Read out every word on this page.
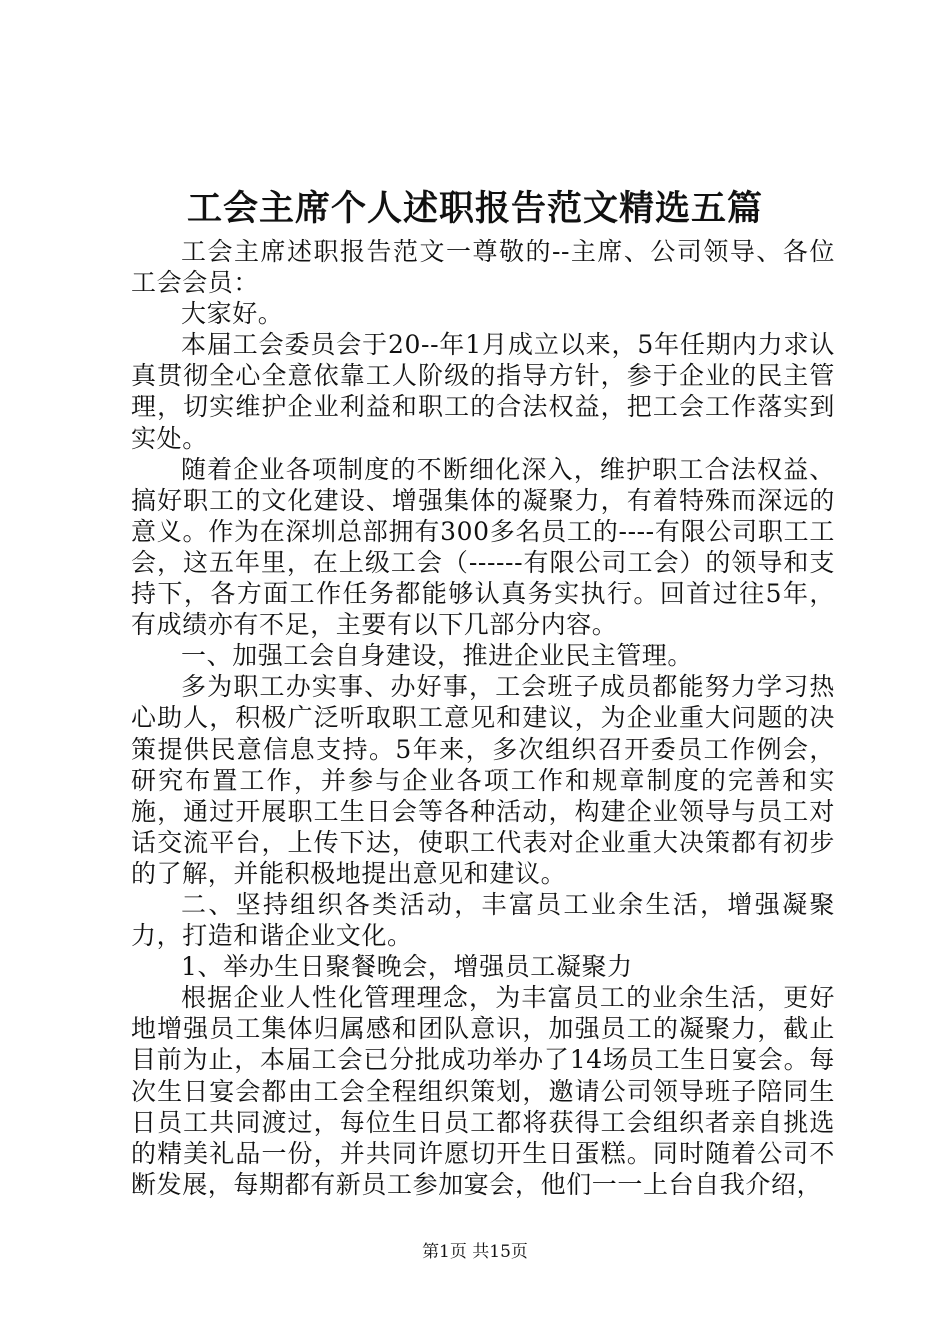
工会主席个人述职报告范文精选五篇

工会主席述职报告范文一尊敬的--主席、公司领导、各位工会会员：

大家好。

本届工会委员会于20--年1月成立以来，5年任期内力求认真贯彻全心全意依靠工人阶级的指导方针，参于企业的民主管理，切实维护企业利益和职工的合法权益，把工会工作落实到实处。

随着企业各项制度的不断细化深入，维护职工合法权益、搞好职工的文化建设、增强集体的凝聚力，有着特殊而深远的意义。作为在深圳总部拥有300多名员工的----有限公司职工工会，这五年里，在上级工会（------有限公司工会）的领导和支持下，各方面工作任务都能够认真务实执行。回首过往5年，有成绩亦有不足，主要有以下几部分内容。

一、加强工会自身建设，推进企业民主管理。

多为职工办实事、办好事，工会班子成员都能努力学习热心助人，积极广泛听取职工意见和建议，为企业重大问题的决策提供民意信息支持。5年来，多次组织召开委员工作例会，研究布置工作，并参与企业各项工作和规章制度的完善和实施，通过开展职工生日会等各种活动，构建企业领导与员工对话交流平台，上传下达，使职工代表对企业重大决策都有初步的了解，并能积极地提出意见和建议。

二、坚持组织各类活动，丰富员工业余生活，增强凝聚力，打造和谐企业文化。

1、举办生日聚餐晚会，增强员工凝聚力

根据企业人性化管理理念，为丰富员工的业余生活，更好地增强员工集体归属感和团队意识，加强员工的凝聚力，截止目前为止，本届工会已分批成功举办了14场员工生日宴会。每次生日宴会都由工会全程组织策划，邀请公司领导班子陪同生日员工共同渡过，每位生日员工都将获得工会组织者亲自挑选的精美礼品一份，并共同许愿切开生日蛋糕。同时随着公司不断发展，每期都有新员工参加宴会，他们一一上台自我介绍，

第1页 共15页
